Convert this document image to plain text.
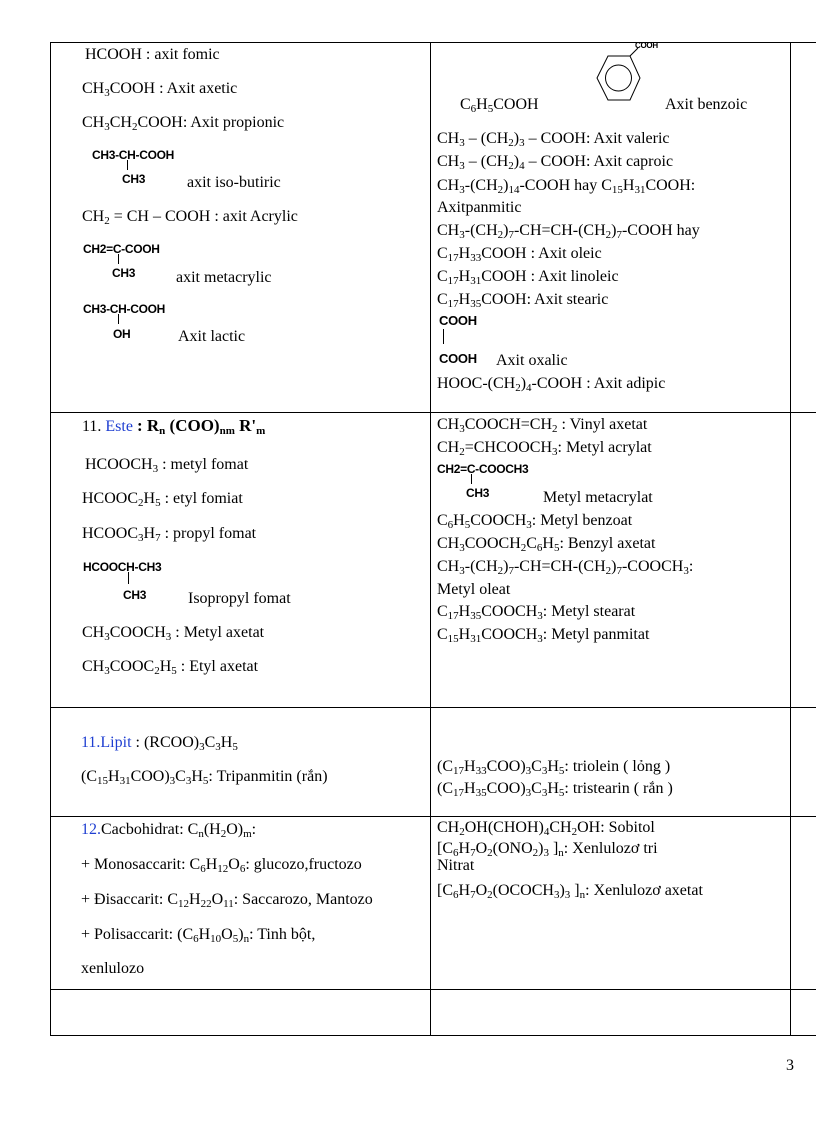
HCOOH : axit fomic
$CH_3COOH$ : Axit axetic
$CH_3CH_2COOH$: Axit propionic
CH3-CH-COOH
CH3	axit iso-butiric
$CH_2$ = CH – COOH : axit Acrylic
CH2=C-COOH
CH3	axit metacrylic
CH3-CH-COOH
OH	Axit lactic
COOH
$C_6H_5COOH$	Axit benzoic
$CH_3 - (CH_2)_3$ – COOH: Axit valeric
$CH_3 - (CH_2)_4$ – COOH: Axit caproic
$CH_3-(CH_2)_{14}$-COOH hay $C_{15}H_{31}COOH$:
Axitpanmitic
$CH_3-(CH_2)_7-CH=CH-(CH_2)_7$-COOH hay
$C_{17}H_{33}COOH$ : Axit oleic
$C_{17}H_{31}COOH$ : Axit linoleic
$C_{17}H_{35}COOH$: Axit stearic
COOH
COOH Axit oxalic
HOOC-$(CH_2)_4$-COOH : Axit adipic
11. Este : $R_n$ $(COO)_{nm}$ $R'_m$
$HCOOCH_3$ : metyl fomat
$HCOOC_2H_5$ : etyl fomiat
$HCOOC_3H_7$ : propyl fomat
HCOOCH-CH3
CH3	Isopropyl fomat
$CH_3COOCH_3$ : Metyl axetat
$CH_3COOC_2H_5$ : Etyl axetat
$CH_3COOCH=CH_2$ : Vinyl axetat
$CH_2=CHCOOCH_3$: Metyl acrylat
CH2=C-COOCH3
CH3	Metyl metacrylat
$C_6H_5COOCH_3$: Metyl benzoat
$CH_3COOCH_2C_6H_5$: Benzyl axetat
$CH_3-(CH_2)_7-CH=CH-(CH_2)_7-COOCH_3$:
Metyl oleat
$C_{17}H_{35}COOCH_3$: Metyl stearat
$C_{15}H_{31}COOCH_3$: Metyl panmitat
11.Lipit : $(RCOO)_3C_3H_5$
$(C_{15}H_{31}COO)_3C_3H_5$: Tripanmitin (rắn)
$(C_{17}H_{33}COO)_3C_3H_5$: triolein ( lỏng )
$(C_{17}H_{35}COO)_3C_3H_5$: tristearin ( rắn )
12.Cacbohidrat: $C_n(H_2O)_m$:
+ Monosaccarit: $C_6H_{12}O_6$: glucozo,fructozo
+ Đisaccarit: $C_{12}H_{22}O_{11}$: Saccarozo, Mantozo
+ Polisaccarit: $(C_6H_{10}O_5)_n$: Tinh bột,
xenlulozo
$CH_2OH(CHOH)_4CH_2OH$: Sobitol
[$C_6H_7O_2(ONO_2)_3$ ]$_n$: Xenlulozơ tri
Nitrat
[$C_6H_7O_2(OCOCH_3)_3$ ]$_n$: Xenlulozơ axetat
3
